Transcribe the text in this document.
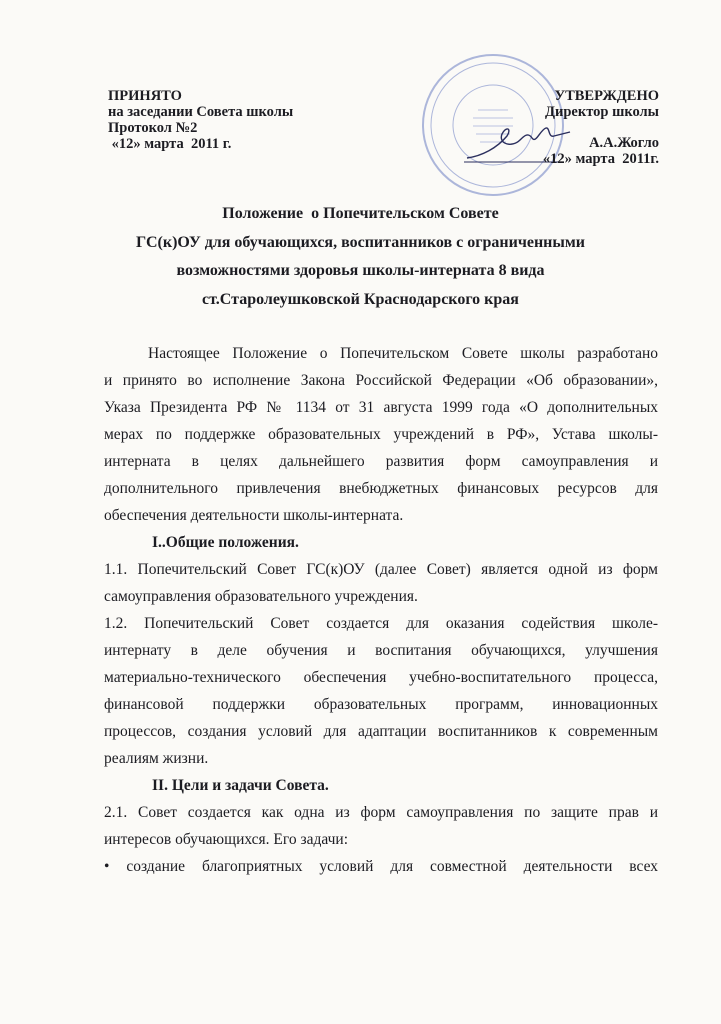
ПРИНЯТО
на заседании Совета школы
Протокол №2
«12» марта  2011 г.
УТВЕРЖДЕНО
Директор школы
А.А.Жогло
«12» марта  2011г.
Положение  о Попечительском Совете
ГС(к)ОУ для обучающихся, воспитанников с ограниченными
возможностями здоровья школы-интерната 8 вида
ст.Старолеушковской Краснодарского края
Настоящее Положение о Попечительском Совете школы разработано
и принято во исполнение Закона Российской Федерации «Об образовании»,
Указа Президента РФ № 1134 от 31 августа 1999 года «О дополнительных
мерах по поддержке образовательных учреждений в РФ», Устава школы-
интерната в целях дальнейшего развития форм самоуправления и
дополнительного привлечения внебюджетных финансовых ресурсов для
обеспечения деятельности школы-интерната.
I..Общие положения.
1.1. Попечительский Совет ГС(к)ОУ (далее Совет) является одной из форм
самоуправления образовательного учреждения.
1.2. Попечительский Совет создается для оказания содействия школе-
интернату в деле обучения и воспитания обучающихся, улучшения
материально-технического обеспечения учебно-воспитательного процесса,
финансовой поддержки образовательных программ, инновационных
процессов, создания условий для адаптации воспитанников к современным
реалиям жизни.
II. Цели и задачи Совета.
2.1. Совет создается как одна из форм самоуправления по защите прав и
интересов обучающихся. Его задачи:
• создание благоприятных условий для совместной деятельности всех
